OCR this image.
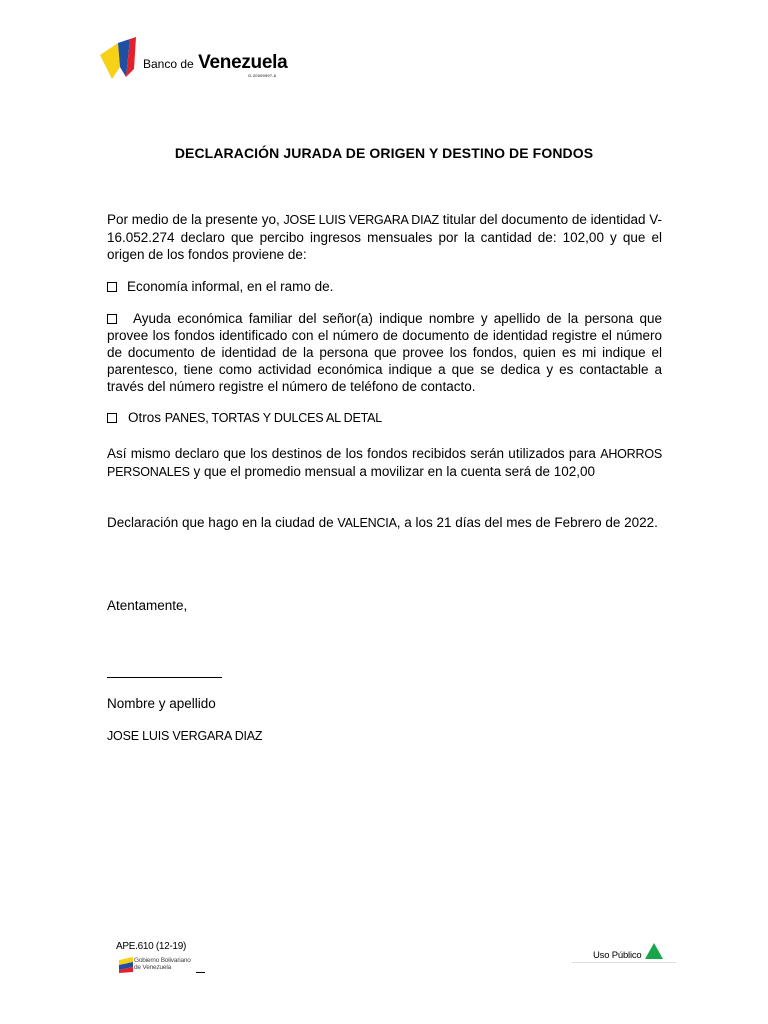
Banco de Venezuela
G-20009997-6
DECLARACIÓN JURADA DE ORIGEN Y DESTINO DE FONDOS
Por medio de la presente yo, JOSE LUIS VERGARA DIAZ titular del documento de identidad V-16.052.274 declaro que percibo ingresos mensuales por la cantidad de: 102,00 y que el origen de los fondos proviene de:
Economía informal, en el ramo de.
Ayuda económica familiar del señor(a) indique nombre y apellido de la persona que provee los fondos identificado con el número de documento de identidad registre el número de documento de identidad de la persona que provee los fondos, quien es mi indique el parentesco, tiene como actividad económica indique a que se dedica y es contactable a través del número registre el número de teléfono de contacto.
Otros PANES, TORTAS Y DULCES AL DETAL
Así mismo declaro que los destinos de los fondos recibidos serán utilizados para AHORROS PERSONALES y que el promedio mensual a movilizar en la cuenta será de 102,00
Declaración que hago en la ciudad de VALENCIA, a los 21 días del mes de Febrero de 2022.
Atentamente,
Nombre y apellido
JOSE LUIS VERGARA DIAZ
APE.610 (12-19)
Gobierno Bolivariano
de Venezuela
Uso Público
